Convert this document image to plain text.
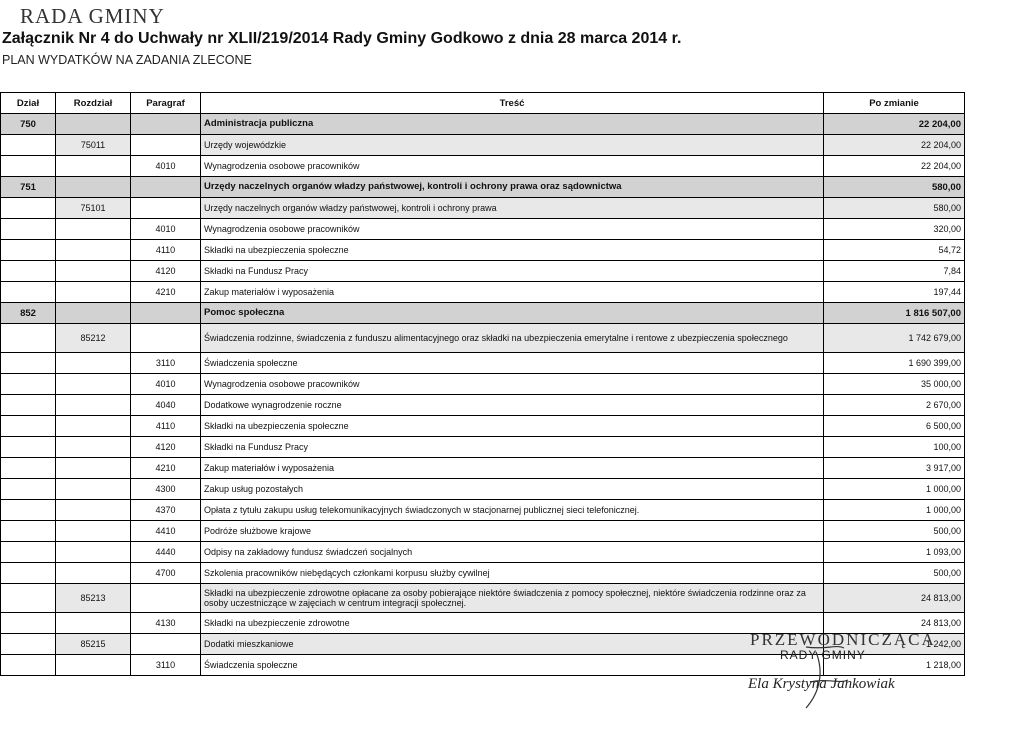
RADA GMINY
Załącznik Nr 4 do Uchwały nr XLII/219/2014 Rady Gminy Godkowo z dnia 28 marca 2014 r.
PLAN WYDATKÓW NA ZADANIA ZLECONE
Dział	Rozdział	Paragraf	Treść	Po zmianie
750			Administracja publiczna	22 204,00
	75011		Urzędy wojewódzkie	22 204,00
		4010	Wynagrodzenia osobowe pracowników	22 204,00
751			Urzędy naczelnych organów władzy państwowej, kontroli i ochrony prawa oraz sądownictwa	580,00
	75101		Urzędy naczelnych organów władzy państwowej, kontroli i ochrony prawa	580,00
		4010	Wynagrodzenia osobowe pracowników	320,00
		4110	Składki na ubezpieczenia społeczne	54,72
		4120	Składki na Fundusz Pracy	7,84
		4210	Zakup materiałów i wyposażenia	197,44
852			Pomoc społeczna	1 816 507,00
	85212		Świadczenia rodzinne, świadczenia z funduszu alimentacyjnego oraz składki na ubezpieczenia emerytalne i rentowe z ubezpieczenia społecznego	1 742 679,00
		3110	Świadczenia społeczne	1 690 399,00
		4010	Wynagrodzenia osobowe pracowników	35 000,00
		4040	Dodatkowe wynagrodzenie roczne	2 670,00
		4110	Składki na ubezpieczenia społeczne	6 500,00
		4120	Składki na Fundusz Pracy	100,00
		4210	Zakup materiałów i wyposażenia	3 917,00
		4300	Zakup usług pozostałych	1 000,00
		4370	Opłata z tytułu zakupu usług telekomunikacyjnych świadczonych w stacjonarnej publicznej sieci telefonicznej.	1 000,00
		4410	Podróże służbowe krajowe	500,00
		4440	Odpisy na zakładowy fundusz świadczeń socjalnych	1 093,00
		4700	Szkolenia pracowników niebędących członkami korpusu służby cywilnej	500,00
	85213		Składki na ubezpieczenie zdrowotne opłacane za osoby pobierające niektóre świadczenia z pomocy społecznej, niektóre świadczenia rodzinne oraz za osoby uczestniczące w zajęciach w centrum integracji społecznej.	24 813,00
		4130	Składki na ubezpieczenie zdrowotne	24 813,00
	85215		Dodatki mieszkaniowe	1 242,00
		3110	Świadczenia społeczne	1 218,00
PRZEWODNICZĄCA
RADY GMINY
Ela Krystyna Jankowiak
